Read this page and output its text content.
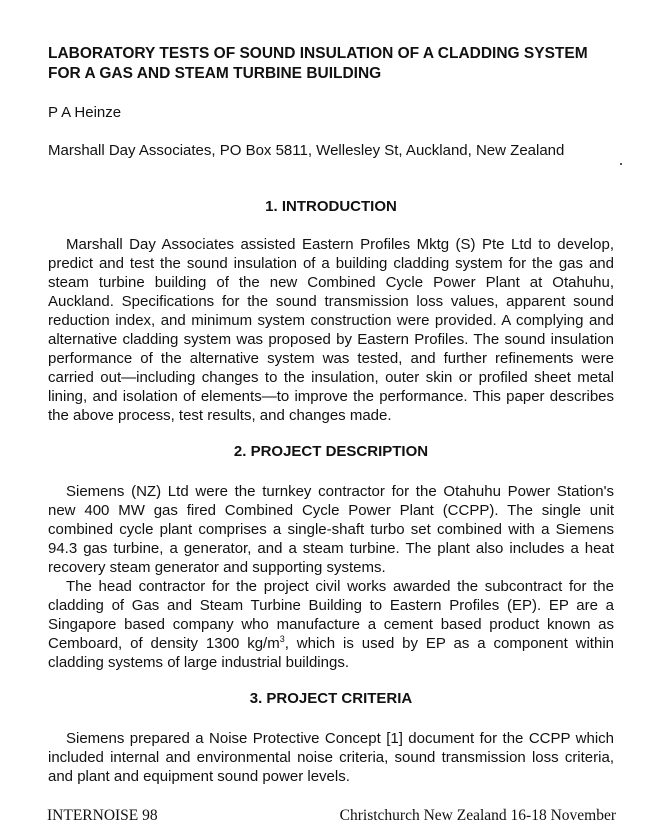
LABORATORY TESTS OF SOUND INSULATION OF A CLADDING SYSTEM
FOR A GAS AND STEAM TURBINE BUILDING

P A Heinze

Marshall Day Associates, PO Box 5811, Wellesley St, Auckland, New Zealand

1. INTRODUCTION

Marshall Day Associates assisted Eastern Profiles Mktg (S) Pte Ltd to develop, predict and test the sound insulation of a building cladding system for the gas and steam turbine building of the new Combined Cycle Power Plant at Otahuhu, Auckland. Specifications for the sound transmission loss values, apparent sound reduction index, and minimum system construction were provided. A complying and alternative cladding system was proposed by Eastern Profiles. The sound insulation performance of the alternative system was tested, and further refinements were carried out—including changes to the insulation, outer skin or profiled sheet metal lining, and isolation of elements—to improve the performance. This paper describes the above process, test results, and changes made.

2. PROJECT DESCRIPTION

Siemens (NZ) Ltd were the turnkey contractor for the Otahuhu Power Station's new 400 MW gas fired Combined Cycle Power Plant (CCPP). The single unit combined cycle plant comprises a single-shaft turbo set combined with a Siemens 94.3 gas turbine, a generator, and a steam turbine. The plant also includes a heat recovery steam generator and supporting systems.

The head contractor for the project civil works awarded the subcontract for the cladding of Gas and Steam Turbine Building to Eastern Profiles (EP). EP are a Singapore based company who manufacture a cement based product known as Cemboard, of density 1300 $kg/m^3$, which is used by EP as a component within cladding systems of large industrial buildings.

3. PROJECT CRITERIA

Siemens prepared a Noise Protective Concept [1] document for the CCPP which included internal and environmental noise criteria, sound transmission loss criteria, and plant and equipment sound power levels.

INTERNOISE 98	Christchurch New Zealand 16-18 November
